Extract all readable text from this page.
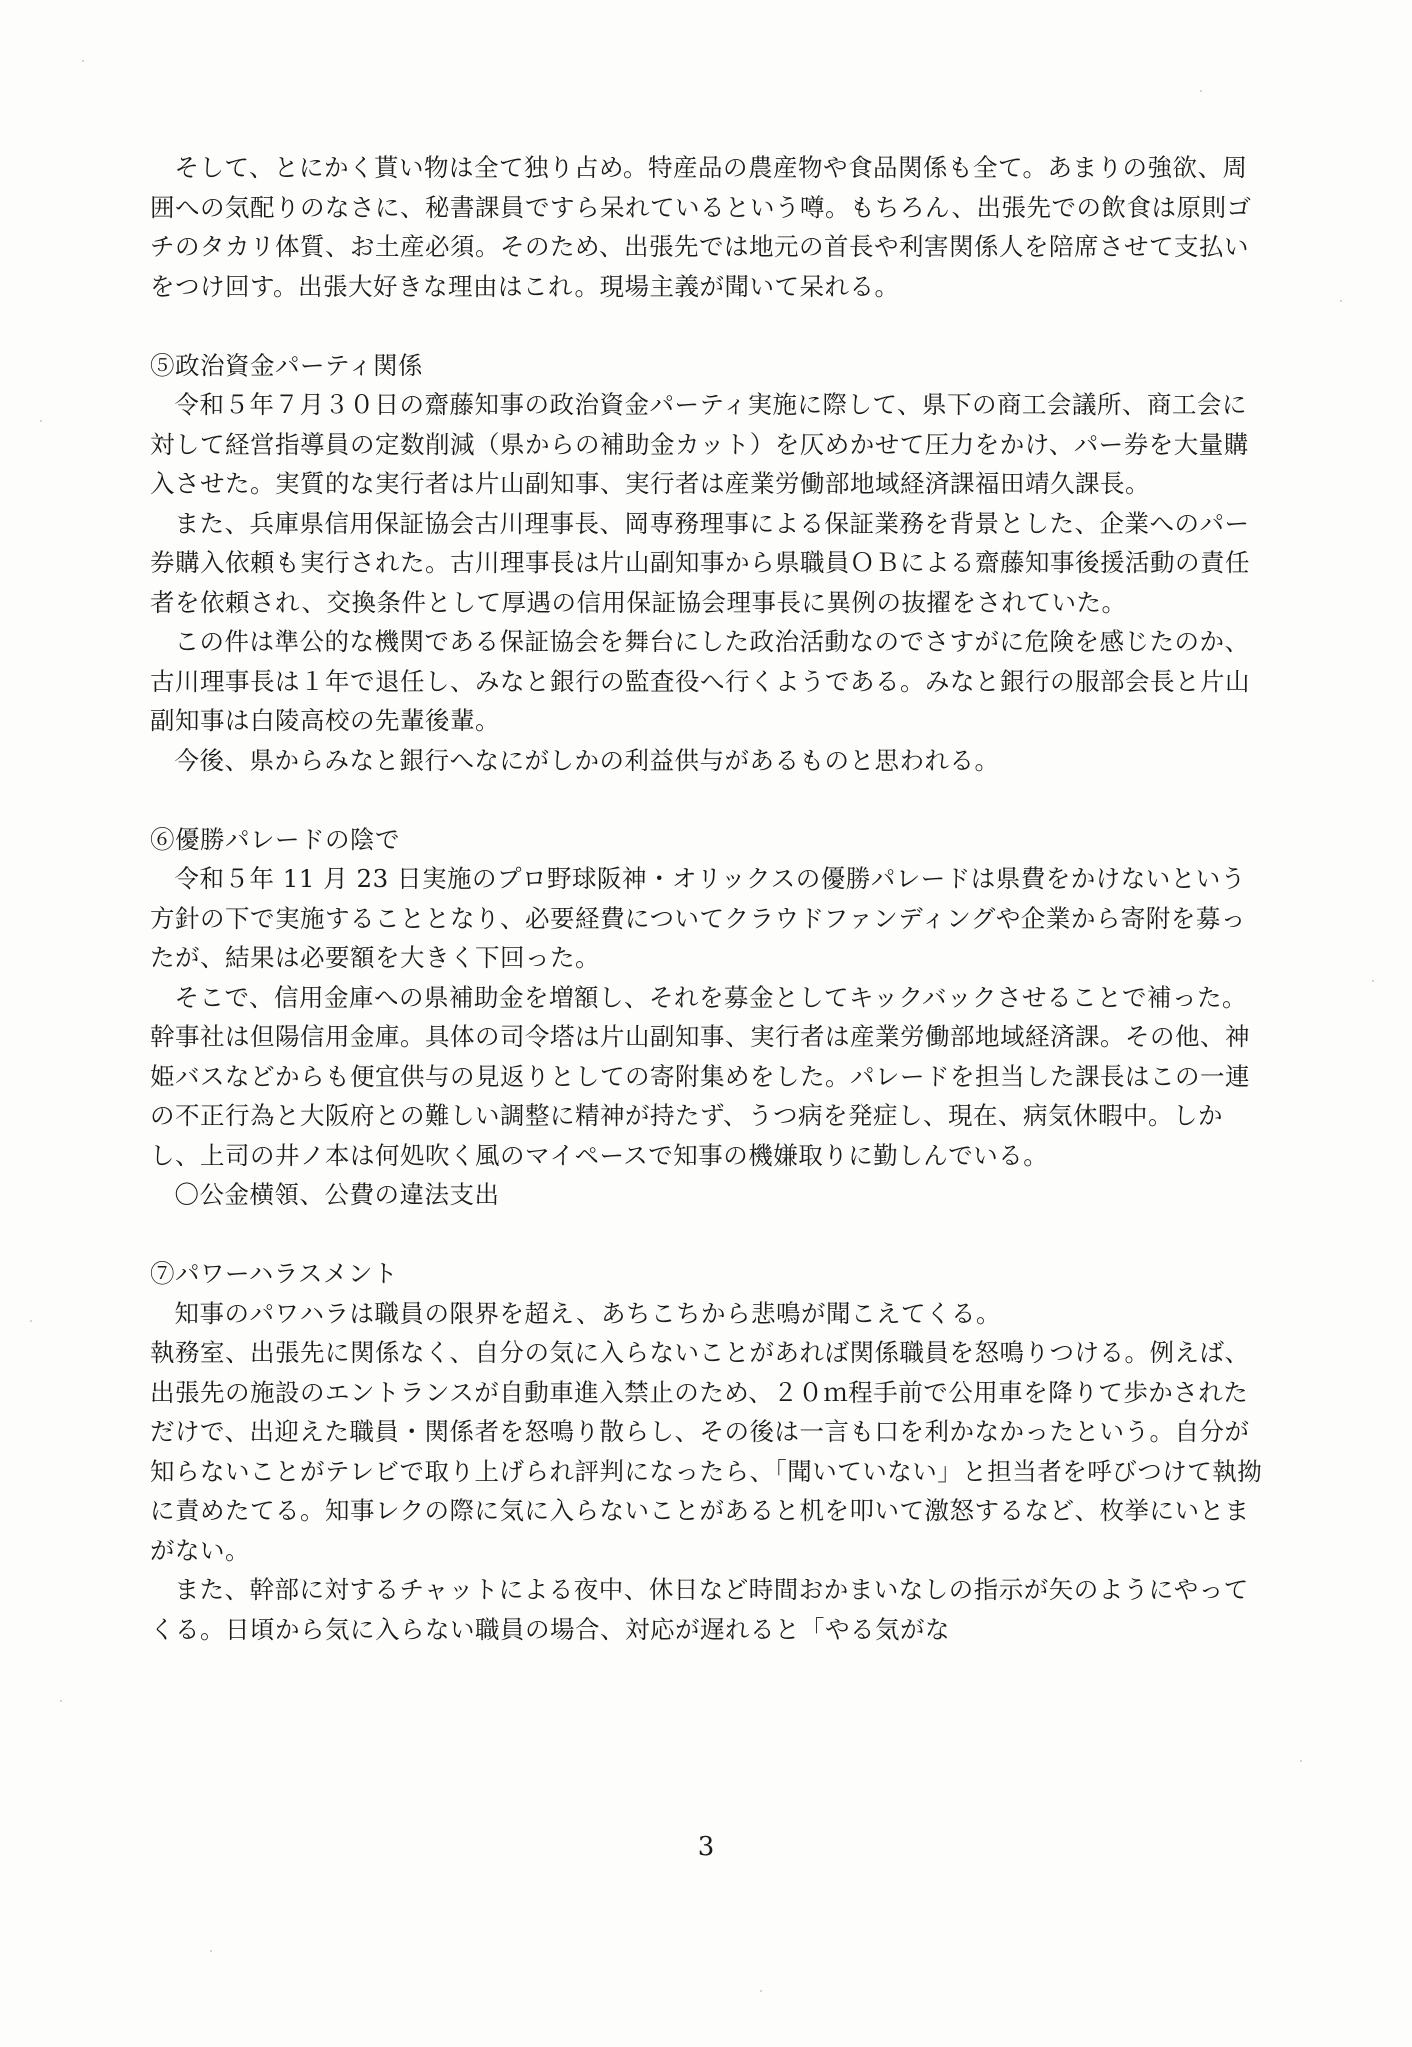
そして、とにかく貰い物は全て独り占め。特産品の農産物や食品関係も全て。あまりの強欲、周囲への気配りのなさに、秘書課員ですら呆れているという噂。もちろん、出張先での飲食は原則ゴチのタカリ体質、お土産必須。そのため、出張先では地元の首長や利害関係人を陪席させて支払いをつけ回す。出張大好きな理由はこれ。現場主義が聞いて呆れる。

⑤政治資金パーティ関係

令和５年７月３０日の齋藤知事の政治資金パーティ実施に際して、県下の商工会議所、商工会に対して経営指導員の定数削減（県からの補助金カット）を仄めかせて圧力をかけ、パー券を大量購入させた。実質的な実行者は片山副知事、実行者は産業労働部地域経済課福田靖久課長。

また、兵庫県信用保証協会古川理事長、岡専務理事による保証業務を背景とした、企業へのパー券購入依頼も実行された。古川理事長は片山副知事から県職員ＯＢによる齋藤知事後援活動の責任者を依頼され、交換条件として厚遇の信用保証協会理事長に異例の抜擢をされていた。

この件は準公的な機関である保証協会を舞台にした政治活動なのでさすがに危険を感じたのか、古川理事長は１年で退任し、みなと銀行の監査役へ行くようである。みなと銀行の服部会長と片山副知事は白陵高校の先輩後輩。

今後、県からみなと銀行へなにがしかの利益供与があるものと思われる。

⑥優勝パレードの陰で

令和５年 11 月 23 日実施のプロ野球阪神・オリックスの優勝パレードは県費をかけないという方針の下で実施することとなり、必要経費についてクラウドファンディングや企業から寄附を募ったが、結果は必要額を大きく下回った。

そこで、信用金庫への県補助金を増額し、それを募金としてキックバックさせることで補った。幹事社は但陽信用金庫。具体の司令塔は片山副知事、実行者は産業労働部地域経済課。その他、神姫バスなどからも便宜供与の見返りとしての寄附集めをした。パレードを担当した課長はこの一連の不正行為と大阪府との難しい調整に精神が持たず、うつ病を発症し、現在、病気休暇中。しかし、上司の井ノ本は何処吹く風のマイペースで知事の機嫌取りに勤しんでいる。

〇公金横領、公費の違法支出

⑦パワーハラスメント

知事のパワハラは職員の限界を超え、あちこちから悲鳴が聞こえてくる。

執務室、出張先に関係なく、自分の気に入らないことがあれば関係職員を怒鳴りつける。例えば、出張先の施設のエントランスが自動車進入禁止のため、２０ｍ程手前で公用車を降りて歩かされただけで、出迎えた職員・関係者を怒鳴り散らし、その後は一言も口を利かなかったという。自分が知らないことがテレビで取り上げられ評判になったら、「聞いていない」と担当者を呼びつけて執拗に責めたてる。知事レクの際に気に入らないことがあると机を叩いて激怒するなど、枚挙にいとまがない。

また、幹部に対するチャットによる夜中、休日など時間おかまいなしの指示が矢のようにやってくる。日頃から気に入らない職員の場合、対応が遅れると「やる気がな

3
